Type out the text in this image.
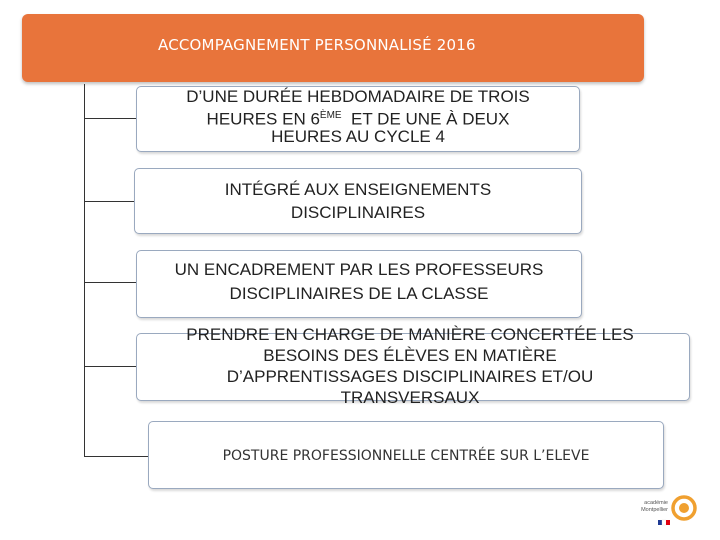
ACCOMPAGNEMENT PERSONNALISÉ 2016
D’UNE DURÉE HEBDOMADAIRE DE TROIS
HEURES EN 6ÈME  ET DE UNE À DEUX
HEURES AU CYCLE 4
INTÉGRÉ AUX ENSEIGNEMENTS
DISCIPLINAIRES
UN ENCADREMENT PAR LES PROFESSEURS
DISCIPLINAIRES DE LA CLASSE
PRENDRE EN CHARGE DE MANIÈRE CONCERTÉE LES
BESOINS DES ÉLÈVES EN MATIÈRE
D’APPRENTISSAGES DISCIPLINAIRES ET/OU
TRANSVERSAUX
POSTURE PROFESSIONNELLE CENTRÉE SUR L’ELEVE
académie
Montpellier
